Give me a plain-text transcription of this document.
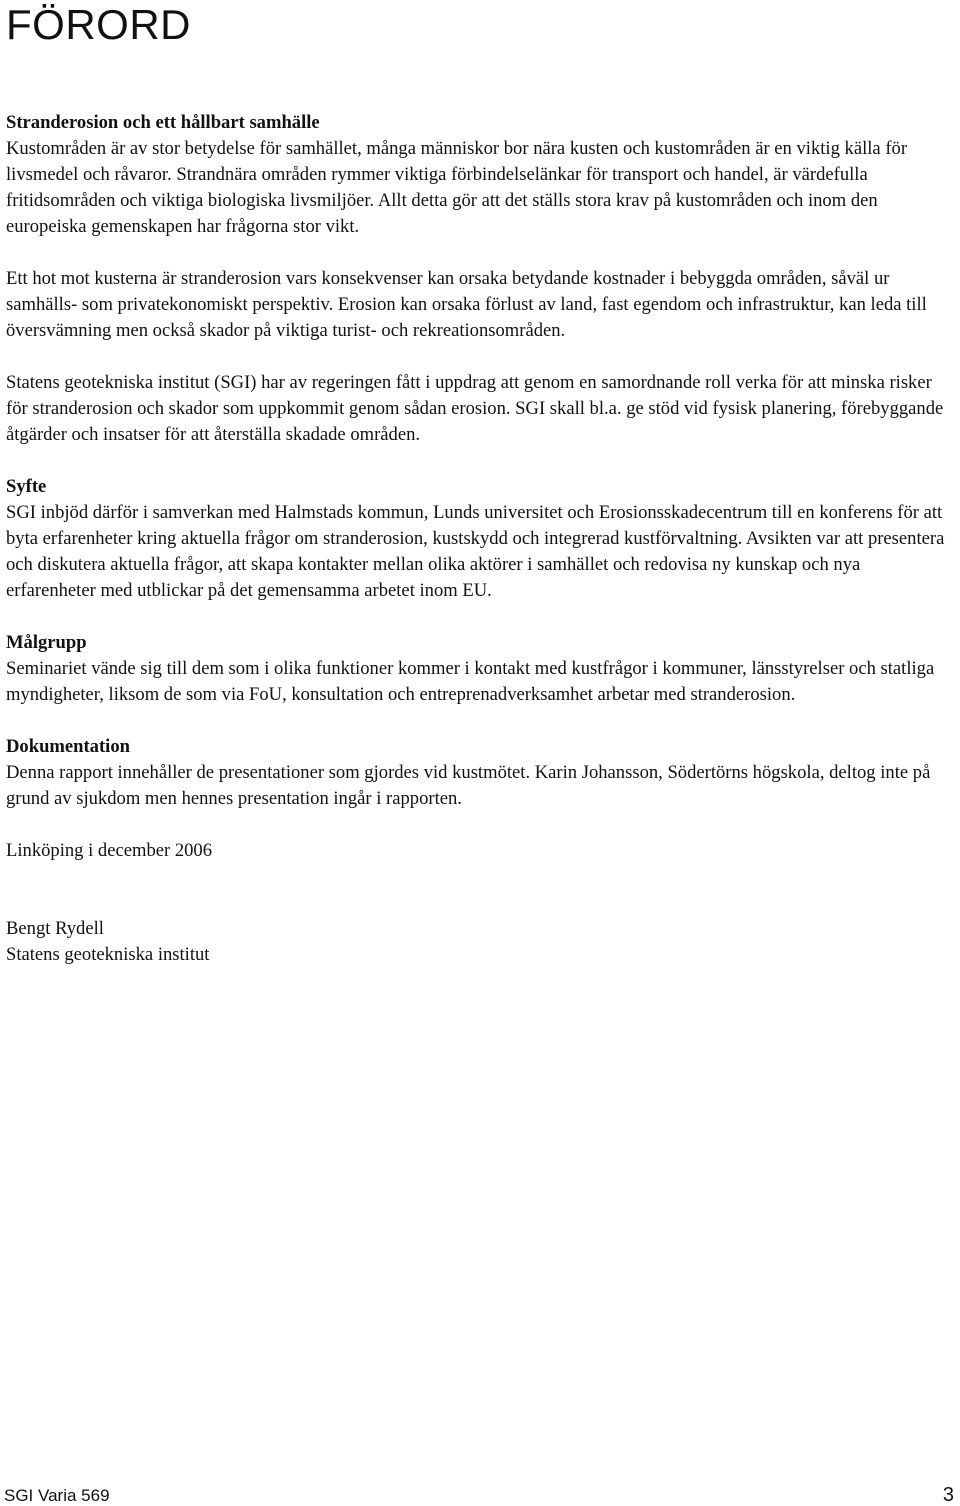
FÖRORD
Stranderosion och ett hållbart samhälle

Kustområden är av stor betydelse för samhället, många människor bor nära kusten och kustområden är en viktig källa för livsmedel och råvaror. Strandnära områden rymmer viktiga förbindelselänkar för transport och handel, är värdefulla fritidsområden och viktiga biologiska livsmiljöer. Allt detta gör att det ställs stora krav på kustområden och inom den europeiska gemenskapen har frågorna stor vikt.

Ett hot mot kusterna är stranderosion vars konsekvenser kan orsaka betydande kostnader i bebyggda områden, såväl ur samhälls- som privatekonomiskt perspektiv. Erosion kan orsaka förlust av land, fast egendom och infrastruktur, kan leda till översvämning men också skador på viktiga turist- och rekreationsområden.

Statens geotekniska institut (SGI) har av regeringen fått i uppdrag att genom en samordnande roll verka för att minska risker för stranderosion och skador som uppkommit genom sådan erosion. SGI skall bl.a. ge stöd vid fysisk planering, förebyggande åtgärder och insatser för att återställa skadade områden.

Syfte

SGI inbjöd därför i samverkan med Halmstads kommun, Lunds universitet och Erosionsskadecentrum till en konferens för att byta erfarenheter kring aktuella frågor om stranderosion, kustskydd och integrerad kustförvaltning. Avsikten var att presentera och diskutera aktuella frågor, att skapa kontakter mellan olika aktörer i samhället och redovisa ny kunskap och nya erfarenheter med utblickar på det gemensamma arbetet inom EU.

Målgrupp

Seminariet vände sig till dem som i olika funktioner kommer i kontakt med kustfrågor i kommuner, länsstyrelser och statliga myndigheter, liksom de som via FoU, konsultation och entreprenadverksamhet arbetar med stranderosion.

Dokumentation

Denna rapport innehåller de presentationer som gjordes vid kustmötet. Karin Johansson, Södertörns högskola, deltog inte på grund av sjukdom men hennes presentation ingår i rapporten.

Linköping i december 2006

Bengt Rydell
Statens geotekniska institut
SGI Varia 569	3
